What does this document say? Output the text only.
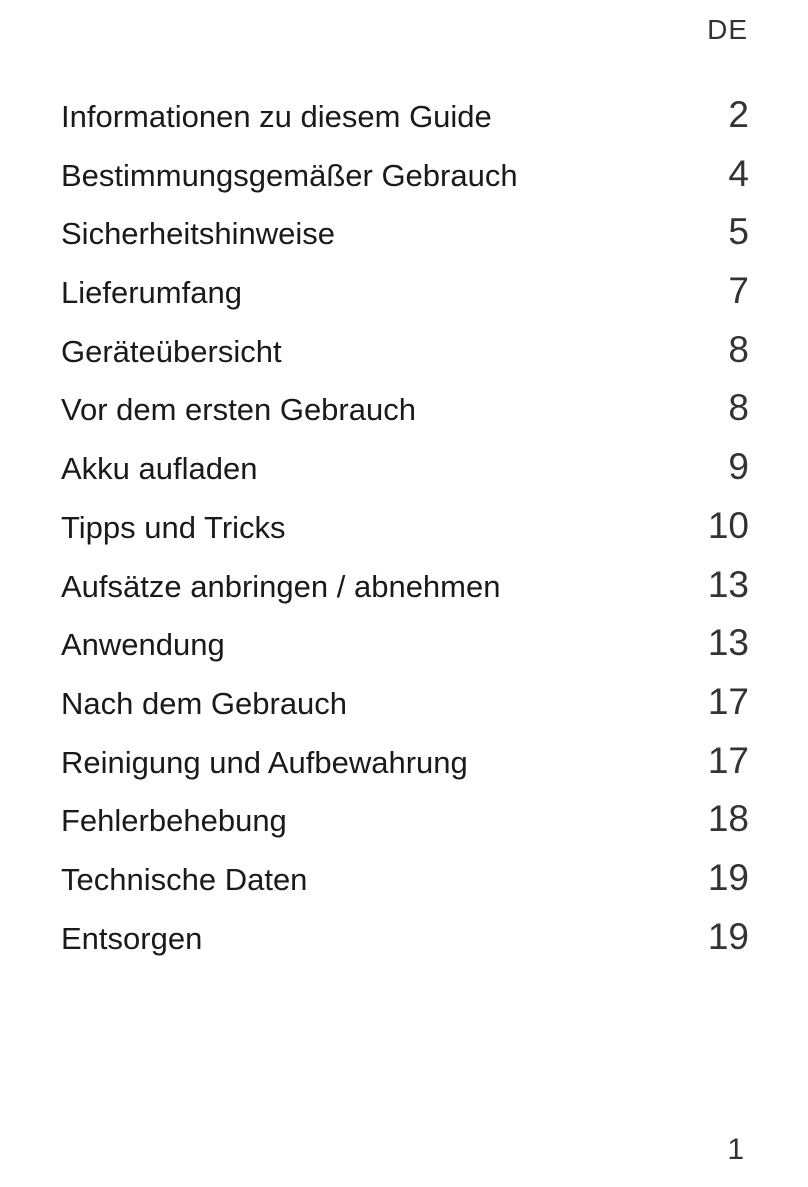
DE
Informationen zu diesem Guide	2
Bestimmungsgemäßer Gebrauch	4
Sicherheitshinweise	5
Lieferumfang	7
Geräteübersicht	8
Vor dem ersten Gebrauch	8
Akku aufladen	9
Tipps und Tricks	10
Aufsätze anbringen / abnehmen	13
Anwendung	13
Nach dem Gebrauch	17
Reinigung und Aufbewahrung	17
Fehlerbehebung	18
Technische Daten	19
Entsorgen	19
1
